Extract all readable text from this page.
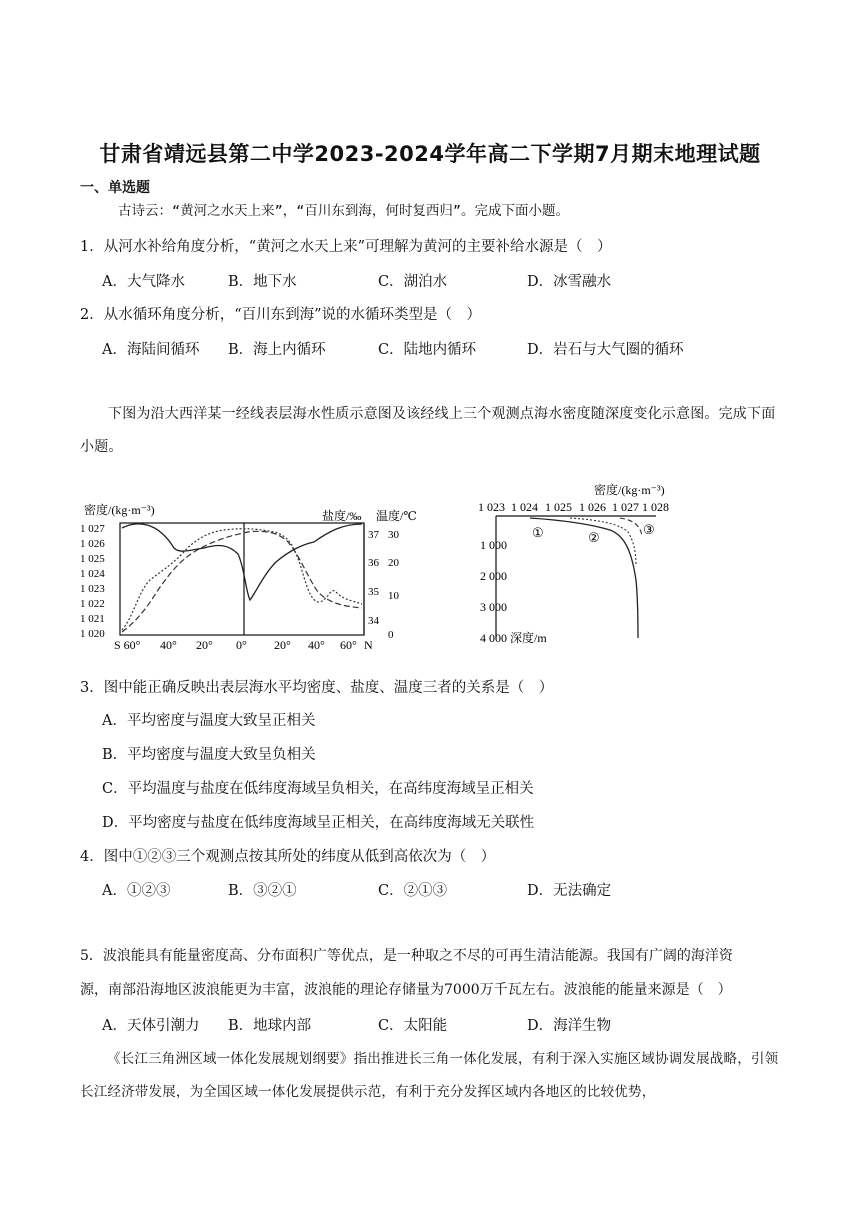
甘肃省靖远县第二中学2023-2024学年高二下学期7月期末地理试题
一、单选题
古诗云：“黄河之水天上来”，“百川东到海，何时复西归”。完成下面小题。
1．从河水补给角度分析，“黄河之水天上来”可理解为黄河的主要补给水源是（　）
A．大气降水	B．地下水	C．湖泊水	D．冰雪融水
2．从水循环角度分析，“百川东到海”说的水循环类型是（　）
A．海陆间循环 B．海上内循环	C．陆地内循环	D．岩石与大气圈的循环
下图为沿大西洋某一经线表层海水性质示意图及该经线上三个观测点海水密度随深度变化示意图。完成下面小题。
密度/(kg·m⁻³)	盐度/‰ 温度/℃
1 027
1 026
1 025
1 024
1 023
1 022
1 021
1 020
37
36
35
34
30
20
10
0
S 60° 40° 20° 0° 20° 40° 60° N
密度/(kg·m⁻³)
1 023 1 024 1 025 1 026 1 027 1 028
1 000
2 000
3 000
4 000 深度/m
①	②
③
3．图中能正确反映出表层海水平均密度、盐度、温度三者的关系是（　）
A．平均密度与温度大致呈正相关
B．平均密度与温度大致呈负相关
C．平均温度与盐度在低纬度海域呈负相关，在高纬度海域呈正相关
D．平均密度与盐度在低纬度海域呈正相关，在高纬度海域无关联性
4．图中①②③三个观测点按其所处的纬度从低到高依次为（　）
A．①②③	B．③②①	C．②①③	D．无法确定
5．波浪能具有能量密度高、分布面积广等优点，是一种取之不尽的可再生清洁能源。我国有广阔的海洋资
源，南部沿海地区波浪能更为丰富，波浪能的理论存储量为7000万千瓦左右。波浪能的能量来源是（　）
A．天体引潮力 B．地球内部	C．太阳能	D．海洋生物
《长江三角洲区域一体化发展规划纲要》指出推进长三角一体化发展，有利于深入实施区域协调发展战略，引领长江经济带发展，为全国区域一体化发展提供示范，有利于充分发挥区域内各地区的比较优势，
